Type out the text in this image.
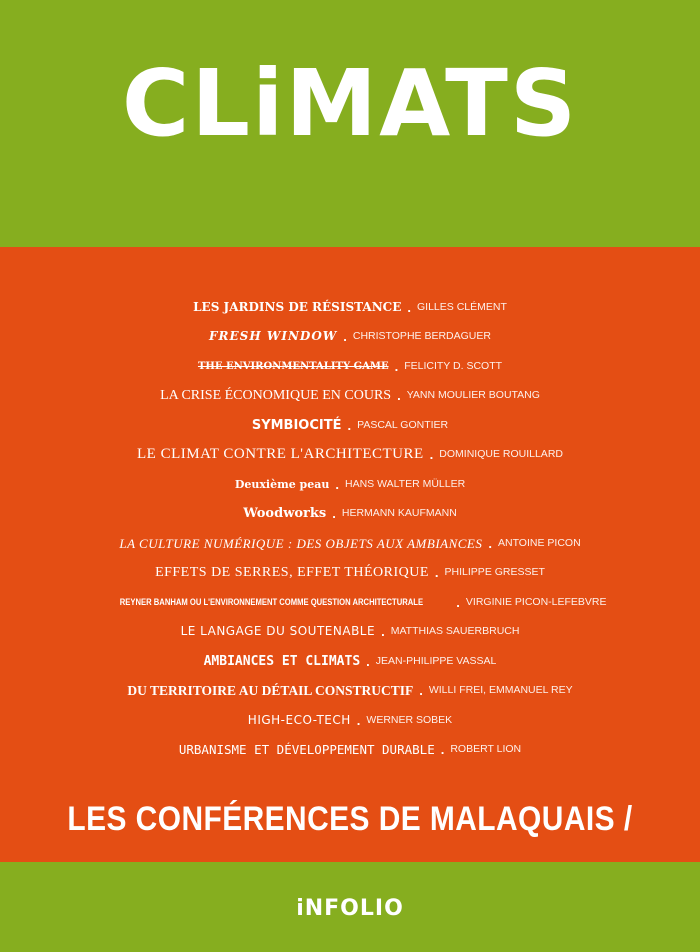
CLiMATS
LES JARDINS DE RÉSISTANCE . GILLES CLÉMENT
FRESH WINDOW . CHRISTOPHE BERDAGUER
THE ENVIRONMENTALITY GAME . FELICITY D. SCOTT
LA CRISE ÉCONOMIQUE EN COURS . YANN MOULIER BOUTANG
SYMBIOCITÉ . PASCAL GONTIER
LE CLIMAT CONTRE L'ARCHITECTURE . DOMINIQUE ROUILLARD
Deuxième peau . HANS WALTER MÜLLER
Woodworks . HERMANN KAUFMANN
LA CULTURE NUMÉRIQUE : DES OBJETS AUX AMBIANCES . ANTOINE PICON
EFFETS DE SERRES, EFFET THÉORIQUE . PHILIPPE GRESSET
REYNER BANHAM OU L'ENVIRONNEMENT COMME QUESTION ARCHITECTURALE	. VIRGINIE PICON-LEFEBVRE
LE LANGAGE DU SOUTENABLE . MATTHIAS SAUERBRUCH
AMBIANCES ET CLIMATS . JEAN-PHILIPPE VASSAL
DU TERRITOIRE AU DÉTAIL CONSTRUCTIF . WILLI FREI, EMMANUEL REY
HIGH-ECO-TECH . WERNER SOBEK
URBANISME ET DÉVELOPPEMENT DURABLE . ROBERT LION
LES CONFÉRENCES DE MALAQUAIS /
iNFOLIO
